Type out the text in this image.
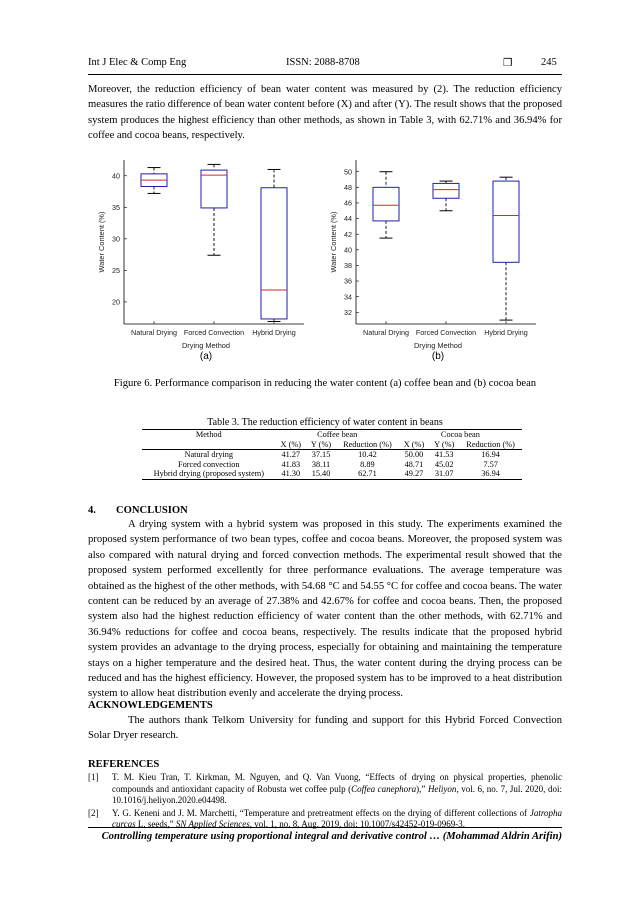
Int J Elec & Comp Eng	ISSN: 2088-8708	❒	245
Moreover, the reduction efficiency of bean water content was measured by (2). The reduction efficiency measures the ratio difference of bean water content before (X) and after (Y). The result shows that the proposed system produces the highest efficiency than other methods, as shown in Table 3, with 62.71% and 36.94% for coffee and cocoa beans, respectively.
20
25
30
35
40
Water Content (%)
Natural Drying Forced Convection Hybrid Drying
Drying Method
(a)
32
34
36
38
40
42
44
46
48
50
Water Content (%)
Natural Drying Forced Convection Hybrid Drying
Drying Method
(b)
Figure 6. Performance comparison in reducing the water content (a) coffee bean and (b) cocoa bean
Table 3. The reduction efficiency of water content in beans
Method	Coffee bean			Cocoa bean		
	X (%)	Y (%)	Reduction (%)	X (%)	Y (%)	Reduction (%)
Natural drying	41.27	37.15	10.42	50.00	41.53	16.94
Forced convection	41.83	38.11	8.89	48.71	45.02	7.57
Hybrid drying (proposed system)	41.30	15.40	62.71	49.27	31.07	36.94
4. CONCLUSION
A drying system with a hybrid system was proposed in this study. The experiments examined the proposed system performance of two bean types, coffee and cocoa beans. Moreover, the proposed system was also compared with natural drying and forced convection methods. The experimental result showed that the proposed system performed excellently for three performance evaluations. The average temperature was obtained as the highest of the other methods, with 54.68 °C and 54.55 °C for coffee and cocoa beans. The water content can be reduced by an average of 27.38% and 42.67% for coffee and cocoa beans. Then, the proposed system also had the highest reduction efficiency of water content than the other methods, with 62.71% and 36.94% reductions for coffee and cocoa beans, respectively. The results indicate that the proposed hybrid system provides an advantage to the drying process, especially for obtaining and maintaining the temperature stays on a higher temperature and the desired heat. Thus, the water content during the drying process can be reduced and has the highest efficiency. However, the proposed system has to be improved to a heat distribution system to allow heat distribution evenly and accelerate the drying process.
ACKNOWLEDGEMENTS
The authors thank Telkom University for funding and support for this Hybrid Forced Convection Solar Dryer research.
REFERENCES
[1] T. M. Kieu Tran, T. Kirkman, M. Nguyen, and Q. Van Vuong, “Effects of drying on physical properties, phenolic compounds and antioxidant capacity of Robusta wet coffee pulp (Coffea canephora),” Heliyon, vol. 6, no. 7, Jul. 2020, doi: 10.1016/j.heliyon.2020.e04498.
[2] Y. G. Keneni and J. M. Marchetti, “Temperature and pretreatment effects on the drying of different collections of Jatropha curcas L. seeds,” SN Applied Sciences, vol. 1, no. 8, Aug. 2019, doi: 10.1007/s42452-019-0969-3.
Controlling temperature using proportional integral and derivative control … (Mohammad Aldrin Arifin)
